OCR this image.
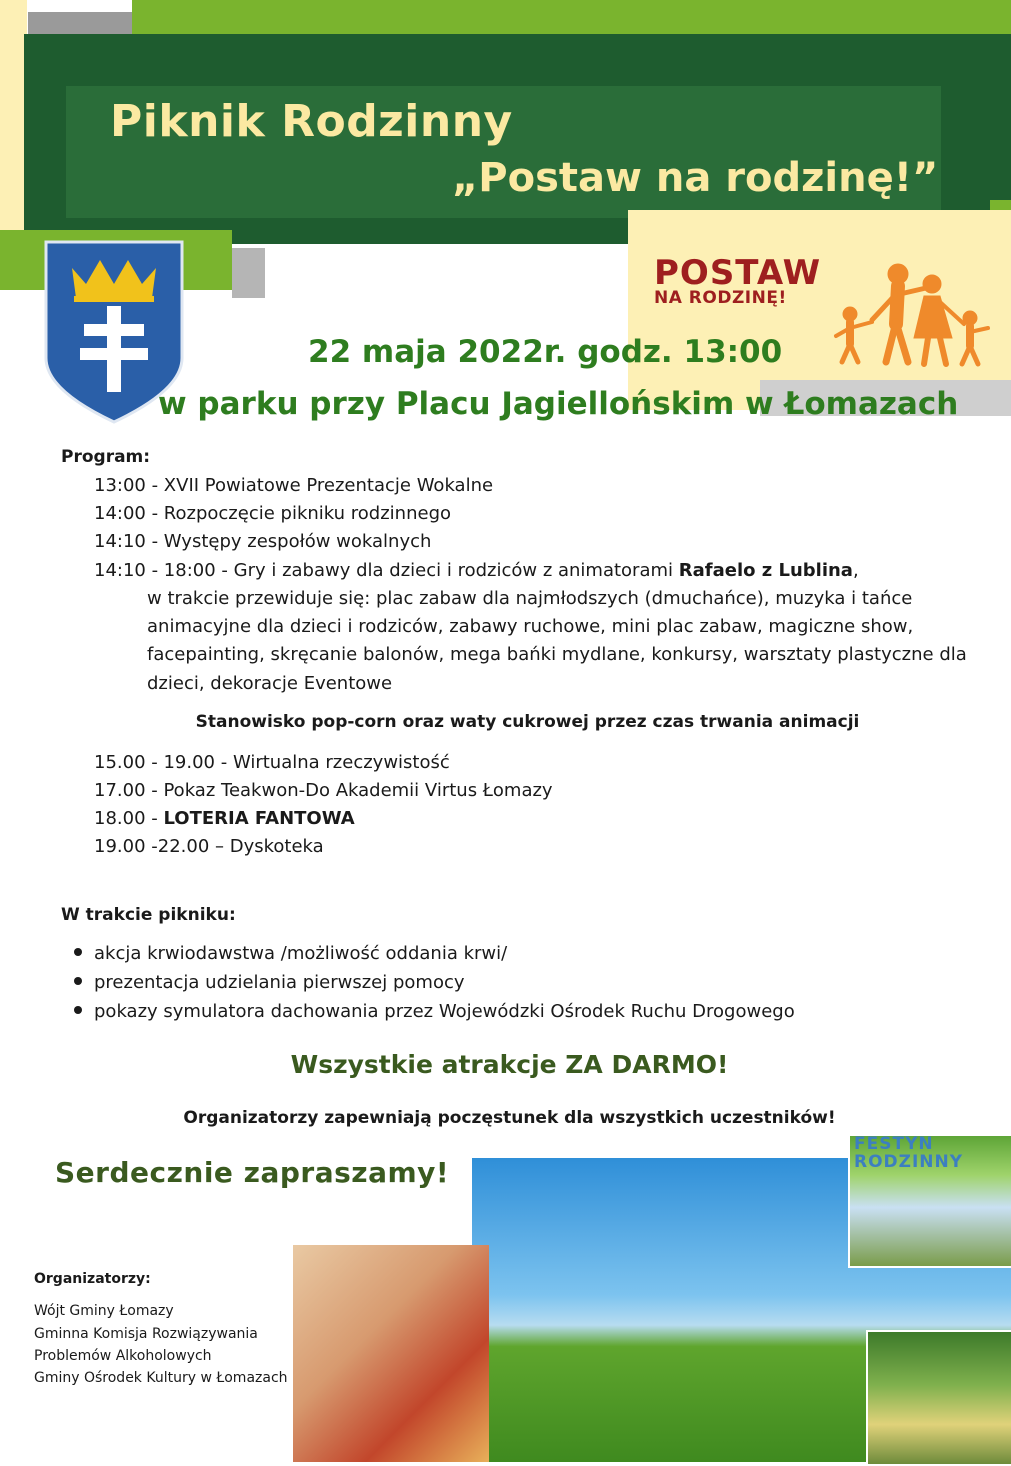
Piknik Rodzinny
„Postaw na rodzinę!”
POSTAW
NA RODZINĘ!
22 maja 2022r. godz. 13:00
w parku przy Placu Jagiellońskim w Łomazach
Program:
13:00 - XVII Powiatowe Prezentacje Wokalne
14:00 - Rozpoczęcie pikniku rodzinnego
14:10 - Występy zespołów wokalnych
14:10 - 18:00 - Gry i zabawy dla dzieci i rodziców z animatorami Rafaelo z Lublina,
w trakcie przewiduje się: plac zabaw dla najmłodszych (dmuchańce), muzyka i tańce
animacyjne dla dzieci i rodziców, zabawy ruchowe, mini plac zabaw, magiczne show,
facepainting, skręcanie balonów, mega bańki mydlane, konkursy, warsztaty plastyczne dla
dzieci, dekoracje Eventowe
Stanowisko pop-corn oraz waty cukrowej przez czas trwania animacji
15.00 - 19.00 - Wirtualna rzeczywistość
17.00 - Pokaz Teakwon-Do Akademii Virtus Łomazy
18.00 - LOTERIA FANTOWA
19.00 -22.00 – Dyskoteka
W trakcie pikniku:
akcja krwiodawstwa /możliwość oddania krwi/
prezentacja udzielania pierwszej pomocy
pokazy symulatora dachowania przez Wojewódzki Ośrodek Ruchu Drogowego
Wszystkie atrakcje ZA DARMO!
Organizatorzy zapewniają poczęstunek dla wszystkich uczestników!
FESTYN
RODZINNY
Serdecznie zapraszamy!
Organizatorzy:
Wójt Gminy Łomazy
Gminna Komisja Rozwiązywania
Problemów Alkoholowych
Gminy Ośrodek Kultury w Łomazach
